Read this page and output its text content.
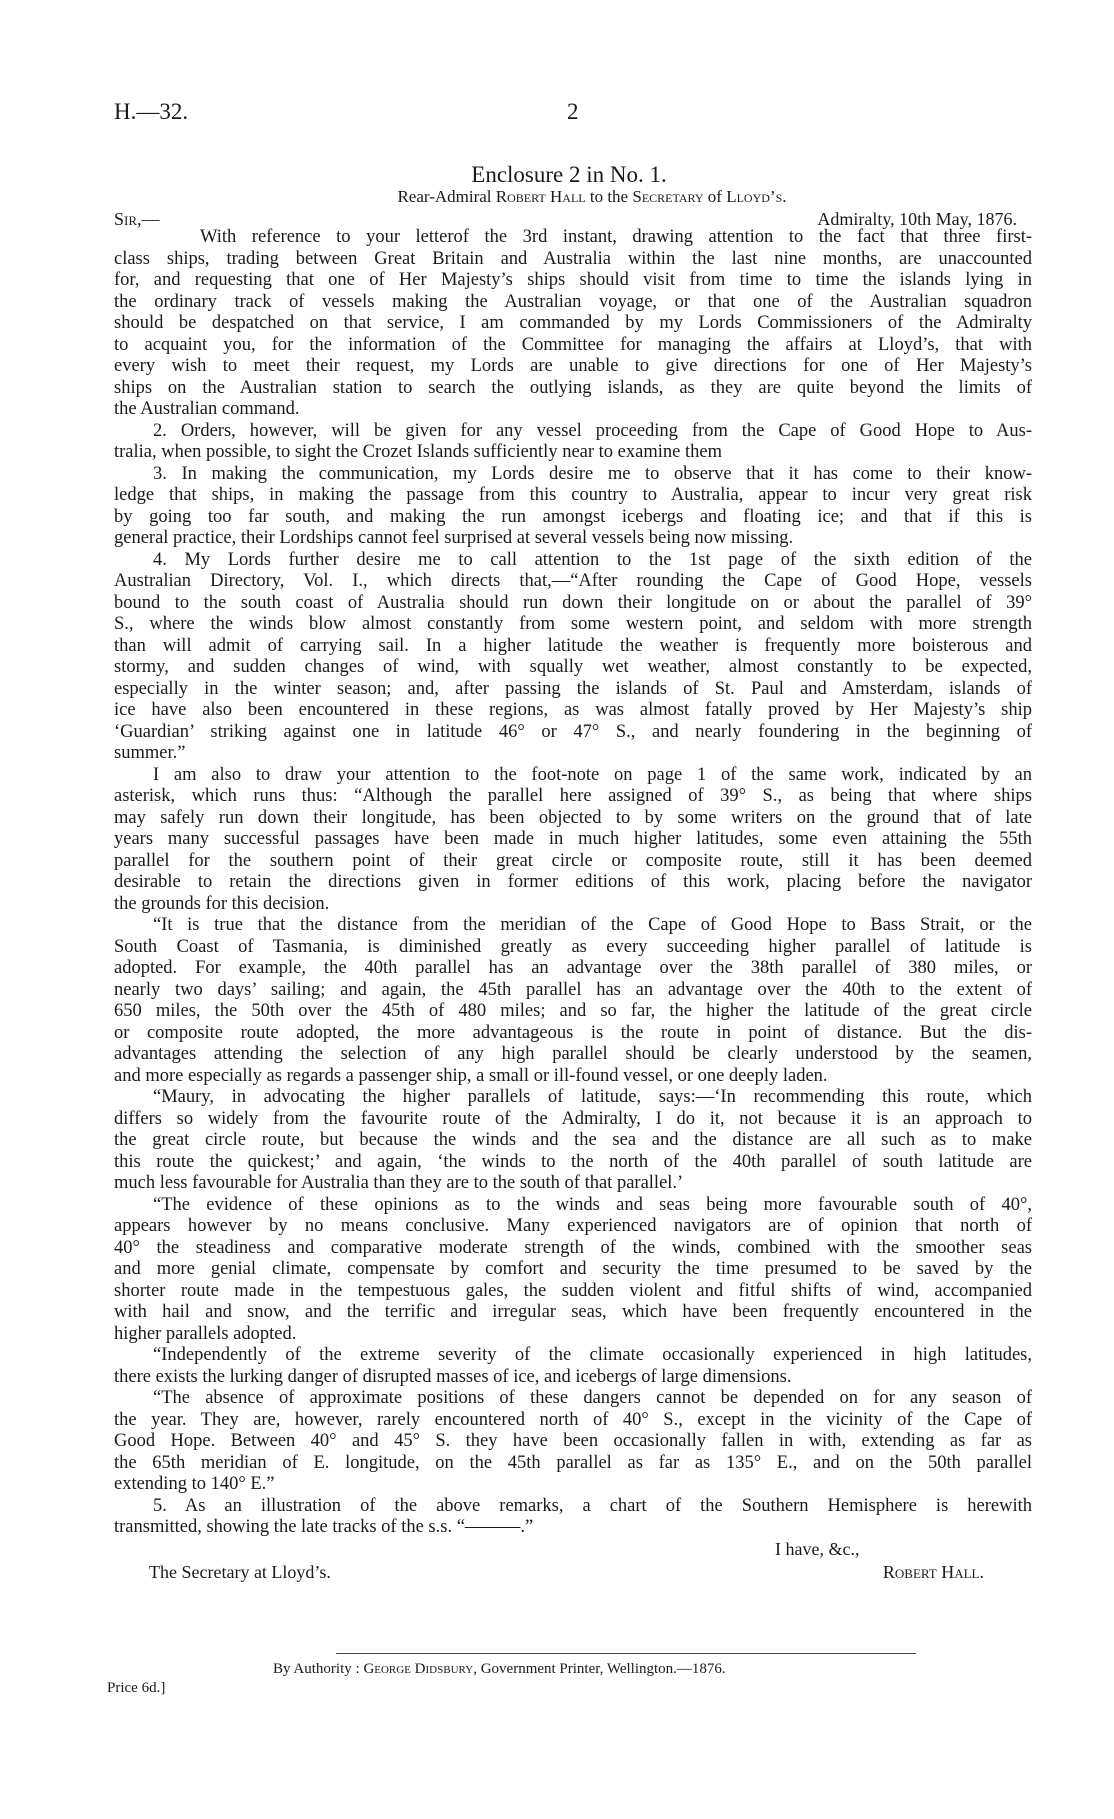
H.—32.	2
Enclosure 2 in No. 1.
Rear-Admiral Robert Hall to the Secretary of Lloyd’s.
Sir,—	Admiralty, 10th May, 1876.
With reference to your letterof the 3rd instant, drawing attention to the fact that three first-
class ships, trading between Great Britain and Australia within the last nine months, are unaccounted
for, and requesting that one of Her Majesty’s ships should visit from time to time the islands lying in
the ordinary track of vessels making the Australian voyage, or that one of the Australian squadron
should be despatched on that service, I am commanded by my Lords Commissioners of the Admiralty
to acquaint you, for the information of the Committee for managing the affairs at Lloyd’s, that with
every wish to meet their request, my Lords are unable to give directions for one of Her Majesty’s
ships on the Australian station to search the outlying islands, as they are quite beyond the limits of
the Australian command.
2. Orders, however, will be given for any vessel proceeding from the Cape of Good Hope to Aus-
tralia, when possible, to sight the Crozet Islands sufficiently near to examine them
3. In making the communication, my Lords desire me to observe that it has come to their know-
ledge that ships, in making the passage from this country to Australia, appear to incur very great risk
by going too far south, and making the run amongst icebergs and floating ice; and that if this is
general practice, their Lordships cannot feel surprised at several vessels being now missing.
4. My Lords further desire me to call attention to the 1st page of the sixth edition of the
Australian Directory, Vol. I., which directs that,—“After rounding the Cape of Good Hope, vessels
bound to the south coast of Australia should run down their longitude on or about the parallel of 39°
S., where the winds blow almost constantly from some western point, and seldom with more strength
than will admit of carrying sail. In a higher latitude the weather is frequently more boisterous and
stormy, and sudden changes of wind, with squally wet weather, almost constantly to be expected,
especially in the winter season; and, after passing the islands of St. Paul and Amsterdam, islands of
ice have also been encountered in these regions, as was almost fatally proved by Her Majesty’s ship
‘Guardian’ striking against one in latitude 46° or 47° S., and nearly foundering in the beginning of
summer.”
I am also to draw your attention to the foot-note on page 1 of the same work, indicated by an
asterisk, which runs thus: “Although the parallel here assigned of 39° S., as being that where ships
may safely run down their longitude, has been objected to by some writers on the ground that of late
years many successful passages have been made in much higher latitudes, some even attaining the 55th
parallel for the southern point of their great circle or composite route, still it has been deemed
desirable to retain the directions given in former editions of this work, placing before the navigator
the grounds for this decision.
“It is true that the distance from the meridian of the Cape of Good Hope to Bass Strait, or the
South Coast of Tasmania, is diminished greatly as every succeeding higher parallel of latitude is
adopted. For example, the 40th parallel has an advantage over the 38th parallel of 380 miles, or
nearly two days’ sailing; and again, the 45th parallel has an advantage over the 40th to the extent of
650 miles, the 50th over the 45th of 480 miles; and so far, the higher the latitude of the great circle
or composite route adopted, the more advantageous is the route in point of distance. But the dis-
advantages attending the selection of any high parallel should be clearly understood by the seamen,
and more especially as regards a passenger ship, a small or ill-found vessel, or one deeply laden.
“Maury, in advocating the higher parallels of latitude, says:—‘In recommending this route, which
differs so widely from the favourite route of the Admiralty, I do it, not because it is an approach to
the great circle route, but because the winds and the sea and the distance are all such as to make
this route the quickest;’ and again, ‘the winds to the north of the 40th parallel of south latitude are
much less favourable for Australia than they are to the south of that parallel.’
“The evidence of these opinions as to the winds and seas being more favourable south of 40°,
appears however by no means conclusive. Many experienced navigators are of opinion that north of
40° the steadiness and comparative moderate strength of the winds, combined with the smoother seas
and more genial climate, compensate by comfort and security the time presumed to be saved by the
shorter route made in the tempestuous gales, the sudden violent and fitful shifts of wind, accompanied
with hail and snow, and the terrific and irregular seas, which have been frequently encountered in the
higher parallels adopted.
“Independently of the extreme severity of the climate occasionally experienced in high latitudes,
there exists the lurking danger of disrupted masses of ice, and icebergs of large dimensions.
“The absence of approximate positions of these dangers cannot be depended on for any season of
the year. They are, however, rarely encountered north of 40° S., except in the vicinity of the Cape of
Good Hope. Between 40° and 45° S. they have been occasionally fallen in with, extending as far as
the 65th meridian of E. longitude, on the 45th parallel as far as 135° E., and on the 50th parallel
extending to 140° E.”
5. As an illustration of the above remarks, a chart of the Southern Hemisphere is herewith
transmitted, showing the late tracks of the s.s. “———.”
I have, &c.,
The Secretary at Lloyd’s.	Robert Hall.
By Authority : George Didsbury, Government Printer, Wellington.—1876.
Price 6d.]
